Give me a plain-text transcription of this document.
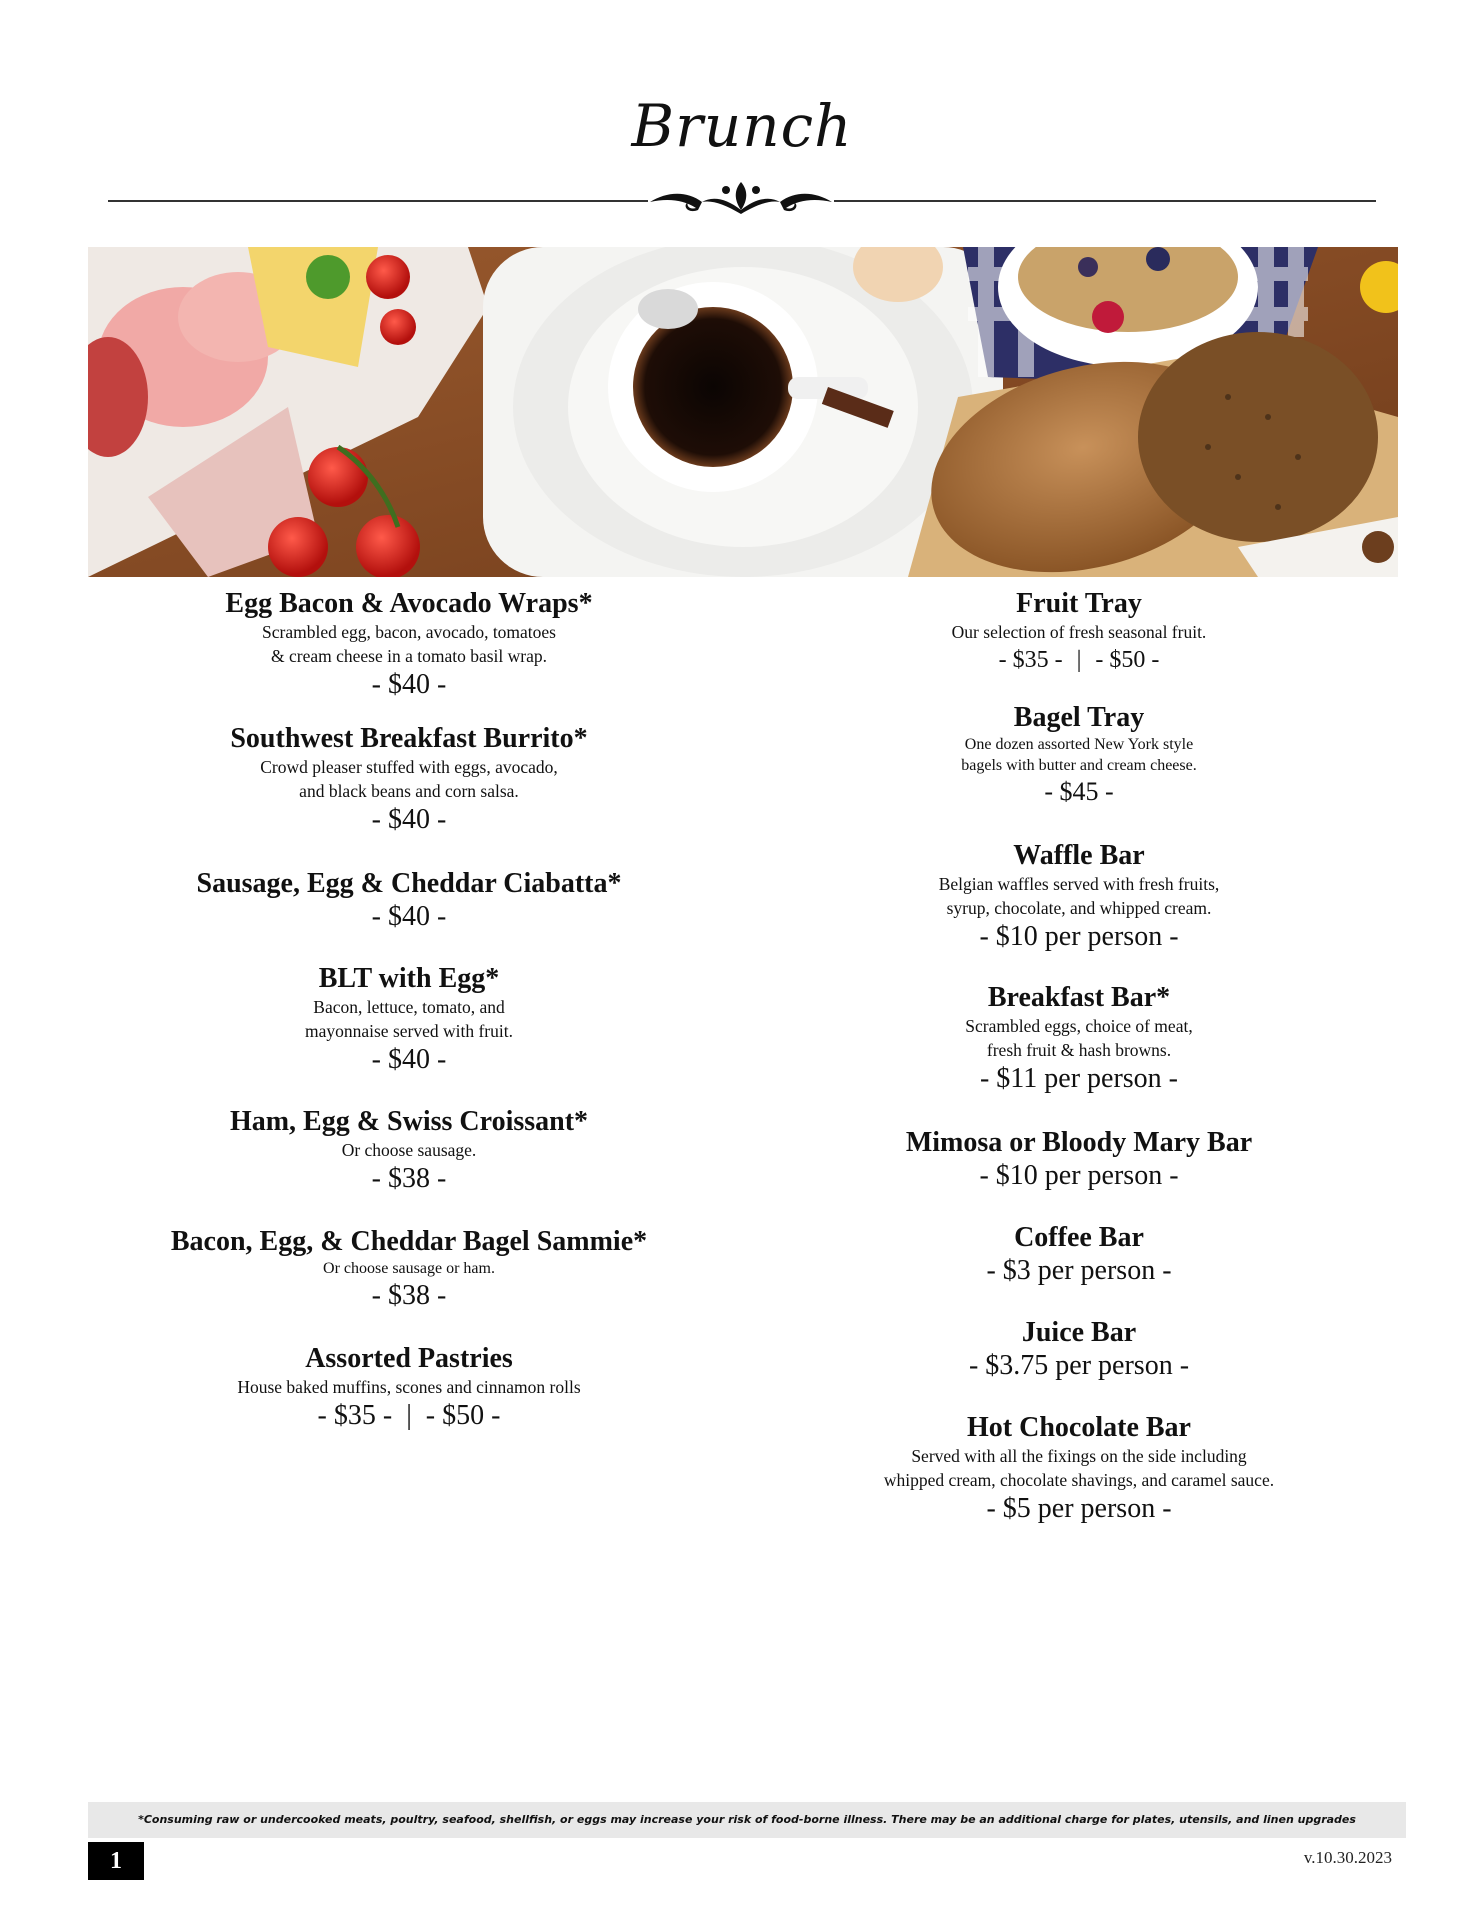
Brunch
Egg Bacon & Avocado Wraps*
Scrambled egg, bacon, avocado, tomatoes
& cream cheese in a tomato basil wrap.
- $40 -
Southwest Breakfast Burrito*
Crowd pleaser stuffed with eggs, avocado,
and black beans and corn salsa.
- $40 -
Sausage, Egg & Cheddar Ciabatta*
- $40 -
BLT with Egg*
Bacon, lettuce, tomato, and
mayonnaise served with fruit.
- $40 -
Ham, Egg & Swiss Croissant*
Or choose sausage.
- $38 -
Bacon, Egg, & Cheddar Bagel Sammie*
Or choose sausage or ham.
- $38 -
Assorted Pastries
House baked muffins, scones and cinnamon rolls
- $35 - | - $50 -
Fruit Tray
Our selection of fresh seasonal fruit.
- $35 - | - $50 -
Bagel Tray
One dozen assorted New York style
bagels with butter and cream cheese.
- $45 -
Waffle Bar
Belgian waffles served with fresh fruits,
syrup, chocolate, and whipped cream.
- $10 per person -
Breakfast Bar*
Scrambled eggs, choice of meat,
fresh fruit & hash browns.
- $11 per person -
Mimosa or Bloody Mary Bar
- $10 per person -
Coffee Bar
- $3 per person -
Juice Bar
- $3.75 per person -
Hot Chocolate Bar
Served with all the fixings on the side including
whipped cream, chocolate shavings, and caramel sauce.
- $5 per person -
*Consuming raw or undercooked meats, poultry, seafood, shellfish, or eggs may increase your risk of food-borne illness. There may be an additional charge for plates, utensils, and linen upgrades
1	v.10.30.2023
